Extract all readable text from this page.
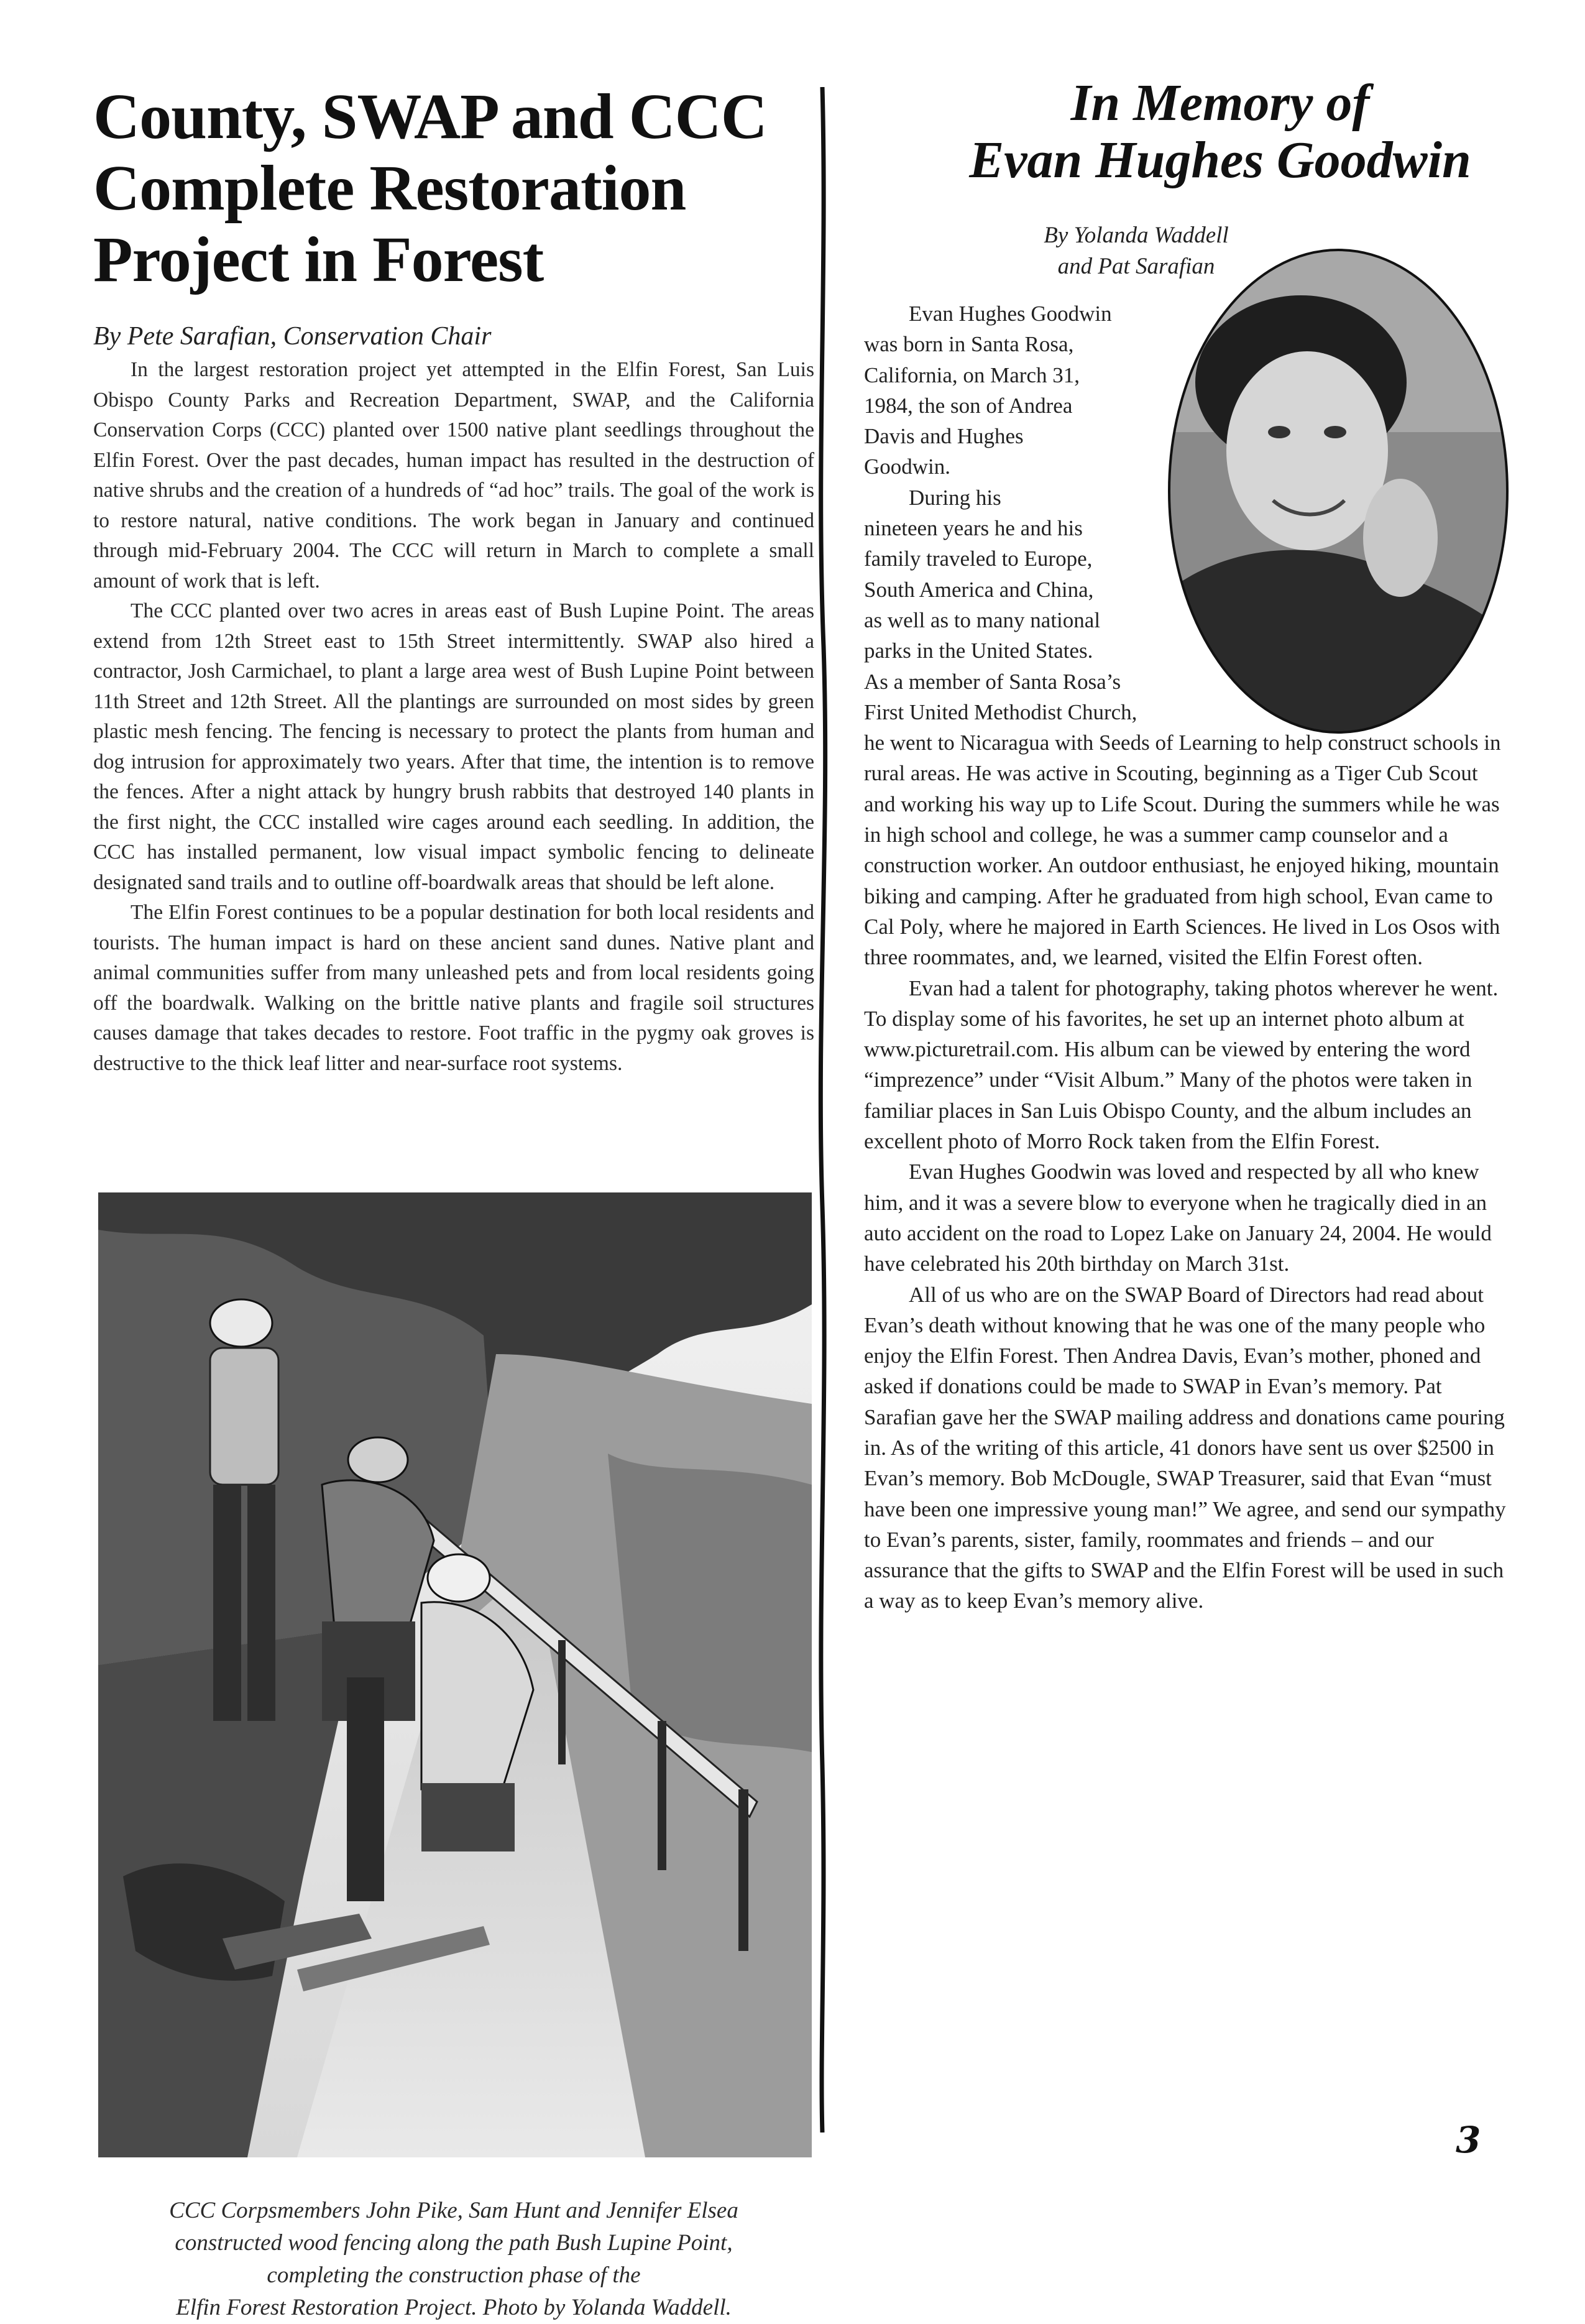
County, SWAP and CCC
Complete Restoration
Project in Forest
By Pete Sarafian, Conservation Chair

In the largest restoration project yet attempted in the Elfin Forest, San Luis Obispo County Parks and Recreation Department, SWAP, and the California Conservation Corps (CCC) planted over 1500 native plant seedlings throughout the Elfin Forest. Over the past decades, human impact has resulted in the destruction of native shrubs and the creation of a hundreds of “ad hoc” trails. The goal of the work is to restore natural, native conditions. The work began in January and continued through mid-February 2004. The CCC will return in March to complete a small amount of work that is left.

The CCC planted over two acres in areas east of Bush Lupine Point. The areas extend from 12th Street east to 15th Street intermittently. SWAP also hired a contractor, Josh Carmichael, to plant a large area west of Bush Lupine Point between 11th Street and 12th Street. All the plantings are surrounded on most sides by green plastic mesh fencing. The fencing is necessary to protect the plants from human and dog intrusion for approximately two years. After that time, the intention is to remove the fences. After a night attack by hungry brush rabbits that destroyed 140 plants in the first night, the CCC installed wire cages around each seedling. In addition, the CCC has installed permanent, low visual impact symbolic fencing to delineate designated sand trails and to outline off-boardwalk areas that should be left alone.

The Elfin Forest continues to be a popular destination for both local residents and tourists. The human impact is hard on these ancient sand dunes. Native plant and animal communities suffer from many unleashed pets and from local residents going off the boardwalk. Walking on the brittle native plants and fragile soil structures causes damage that takes decades to restore. Foot traffic in the pygmy oak groves is destructive to the thick leaf litter and near-surface root systems.

CCC Corpsmembers John Pike, Sam Hunt and Jennifer Elsea
constructed wood fencing along the path Bush Lupine Point,
completing the construction phase of the
Elfin Forest Restoration Project. Photo by Yolanda Waddell.
In Memory of
Evan Hughes Goodwin
By Yolanda Waddell
and Pat Sarafian

Evan Hughes Goodwin

was born in Santa Rosa,

California, on March 31,

1984, the son of Andrea

Davis and Hughes

Goodwin.

During his

nineteen years he and his

family traveled to Europe,

South America and China,

as well as to many national

parks in the United States.

As a member of Santa Rosa’s

First United Methodist Church,

he went to Nicaragua with Seeds of Learning to help construct schools in rural areas. He was active in Scouting, beginning as a Tiger Cub Scout and working his way up to Life Scout. During the summers while he was in high school and college, he was a summer camp counselor and a construction worker. An outdoor enthusiast, he enjoyed hiking, mountain biking and camping. After he graduated from high school, Evan came to Cal Poly, where he majored in Earth Sciences. He lived in Los Osos with three roommates, and, we learned, visited the Elfin Forest often.

Evan had a talent for photography, taking photos wherever he went. To display some of his favorites, he set up an internet photo album at www.picturetrail.com. His album can be viewed by entering the word “imprezence” under “Visit Album.” Many of the photos were taken in familiar places in San Luis Obispo County, and the album includes an excellent photo of Morro Rock taken from the Elfin Forest.

Evan Hughes Goodwin was loved and respected by all who knew him, and it was a severe blow to everyone when he tragically died in an auto accident on the road to Lopez Lake on January 24, 2004. He would have celebrated his 20th birthday on March 31st.

All of us who are on the SWAP Board of Directors had read about Evan’s death without knowing that he was one of the many people who enjoy the Elfin Forest. Then Andrea Davis, Evan’s mother, phoned and asked if donations could be made to SWAP in Evan’s memory. Pat Sarafian gave her the SWAP mailing address and donations came pouring in. As of the writing of this article, 41 donors have sent us over $2500 in Evan’s memory. Bob McDougle, SWAP Treasurer, said that Evan “must have been one impressive young man!” We agree, and send our sympathy to Evan’s parents, sister, family, roommates and friends – and our assurance that the gifts to SWAP and the Elfin Forest will be used in such a way as to keep Evan’s memory alive.

3
